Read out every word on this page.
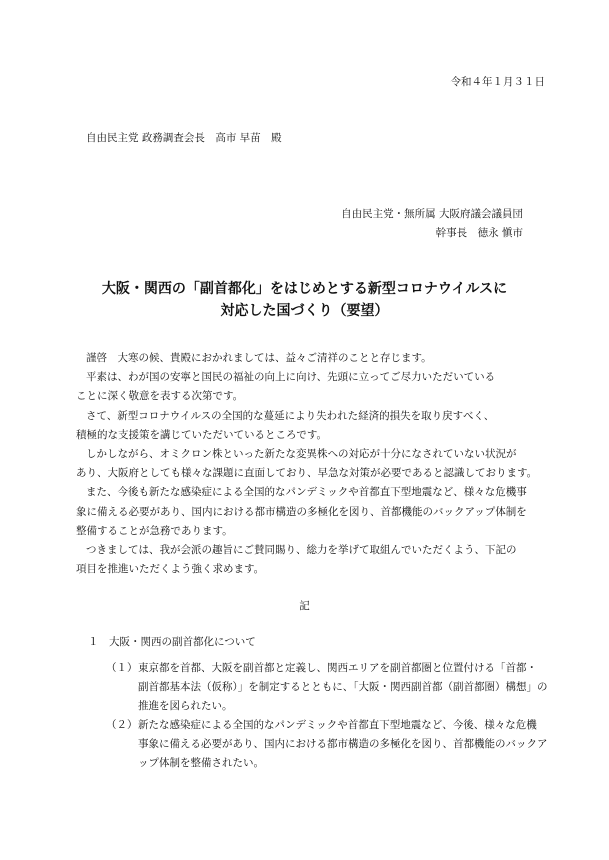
令和４年１月３１日
自由民主党 政務調査会長　高市 早苗　殿
自由民主党・無所属 大阪府議会議員団
幹事長　徳永 愼市
大阪・関西の「副首都化」をはじめとする新型コロナウイルスに
対応した国づくり（要望）

謹啓　大寒の候、貴殿におかれましては、益々ご清祥のことと存じます。

平素は、わが国の安寧と国民の福祉の向上に向け、先頭に立ってご尽力いただいている

ことに深く敬意を表する次第です。

さて、新型コロナウイルスの全国的な蔓延により失われた経済的損失を取り戻すべく、

積極的な支援策を講じていただいているところです。

しかしながら、オミクロン株といった新たな変異株への対応が十分になされていない状況が

あり、大阪府としても様々な課題に直面しており、早急な対策が必要であると認識しております。

また、今後も新たな感染症による全国的なパンデミックや首都直下型地震など、様々な危機事

象に備える必要があり、国内における都市構造の多極化を図り、首都機能のバックアップ体制を

整備することが急務であります。

つきましては、我が会派の趣旨にご賛同賜り、総力を挙げて取組んでいただくよう、下記の

項目を推進いただくよう強く求めます。

記
１　大阪・関西の副首都化について
（１） 東京都を首都、大阪を副首都と定義し、関西エリアを副首都圏と位置付ける「首都・
副首都基本法（仮称）」を制定するとともに、「大阪・関西副首都（副首都圏）構想」の
推進を図られたい。
（２） 新たな感染症による全国的なパンデミックや首都直下型地震など、今後、様々な危機
事象に備える必要があり、国内における都市構造の多極化を図り、首都機能のバックア
ップ体制を整備されたい。
